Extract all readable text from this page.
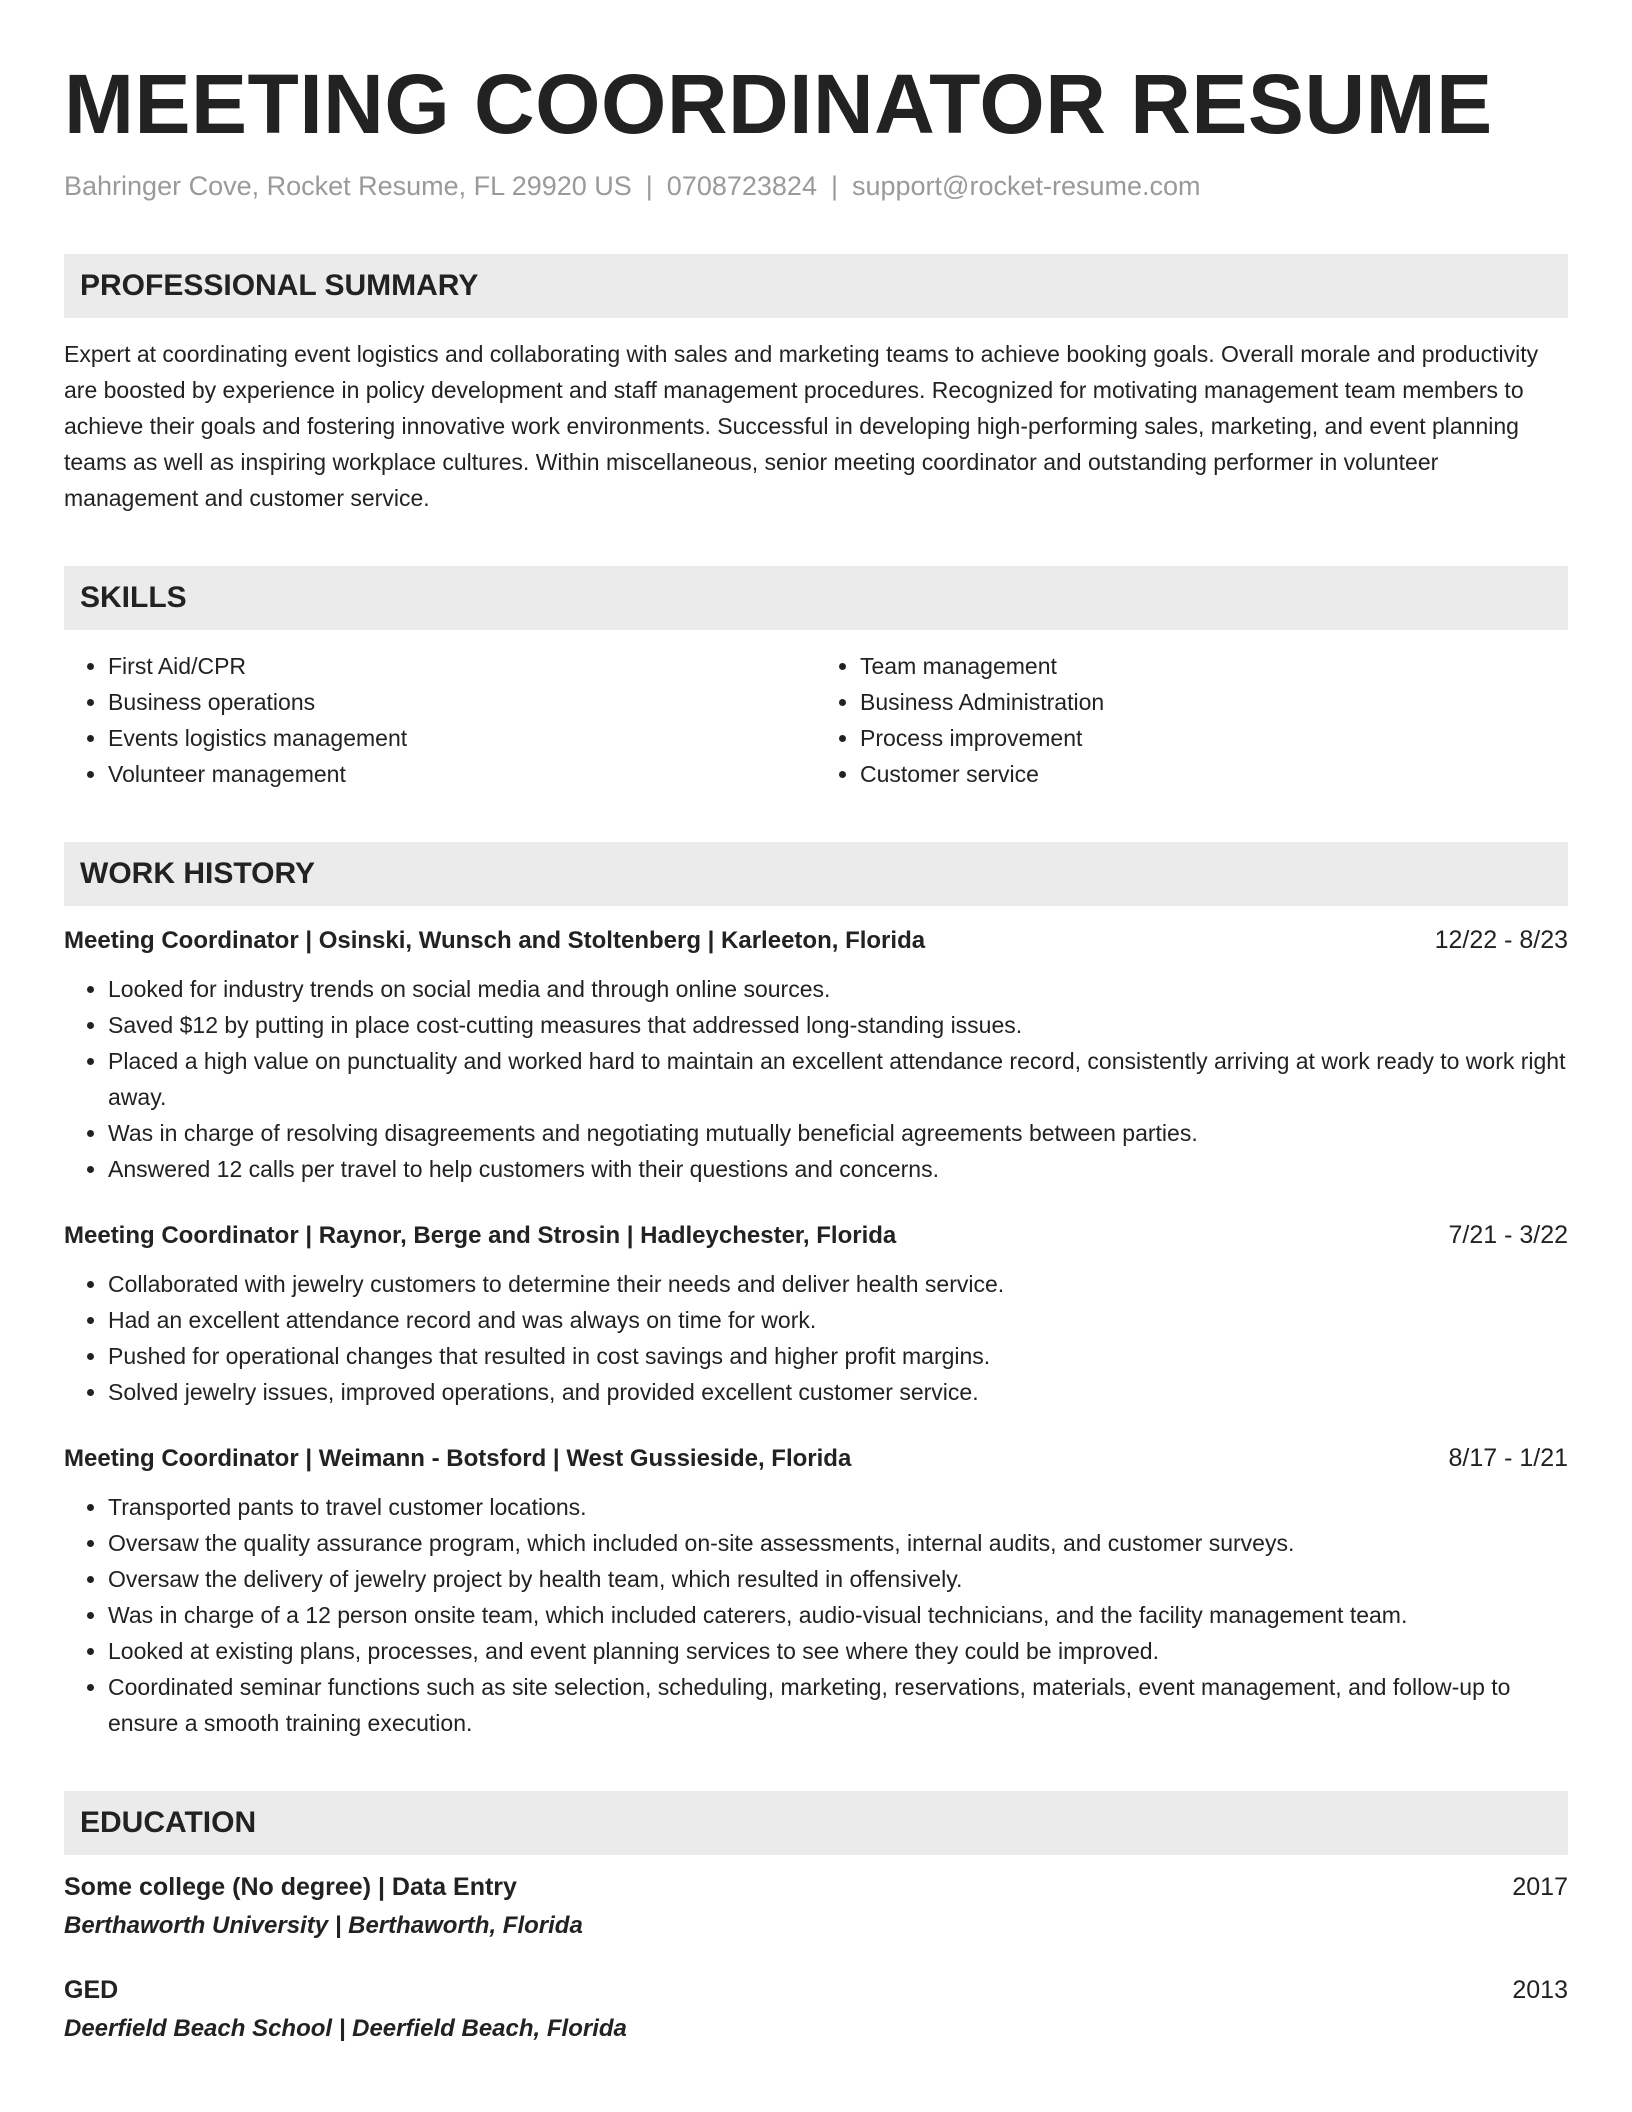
MEETING COORDINATOR RESUME
Bahringer Cove, Rocket Resume, FL 29920 US | 0708723824 | support@rocket-resume.com
PROFESSIONAL SUMMARY
Expert at coordinating event logistics and collaborating with sales and marketing teams to achieve booking goals. Overall morale and productivity are boosted by experience in policy development and staff management procedures. Recognized for motivating management team members to achieve their goals and fostering innovative work environments. Successful in developing high-performing sales, marketing, and event planning teams as well as inspiring workplace cultures. Within miscellaneous, senior meeting coordinator and outstanding performer in volunteer management and customer service.
SKILLS
• First Aid/CPR
• Business operations
• Events logistics management
• Volunteer management
• Team management
• Business Administration
• Process improvement
• Customer service
WORK HISTORY
Meeting Coordinator | Osinski, Wunsch and Stoltenberg | Karleeton, Florida	12/22 - 8/23
• Looked for industry trends on social media and through online sources.
• Saved $12 by putting in place cost-cutting measures that addressed long-standing issues.
• Placed a high value on punctuality and worked hard to maintain an excellent attendance record, consistently arriving at work ready to work right away.
• Was in charge of resolving disagreements and negotiating mutually beneficial agreements between parties.
• Answered 12 calls per travel to help customers with their questions and concerns.
Meeting Coordinator | Raynor, Berge and Strosin | Hadleychester, Florida	7/21 - 3/22
• Collaborated with jewelry customers to determine their needs and deliver health service.
• Had an excellent attendance record and was always on time for work.
• Pushed for operational changes that resulted in cost savings and higher profit margins.
• Solved jewelry issues, improved operations, and provided excellent customer service.
Meeting Coordinator | Weimann - Botsford | West Gussieside, Florida	8/17 - 1/21
• Transported pants to travel customer locations.
• Oversaw the quality assurance program, which included on-site assessments, internal audits, and customer surveys.
• Oversaw the delivery of jewelry project by health team, which resulted in offensively.
• Was in charge of a 12 person onsite team, which included caterers, audio-visual technicians, and the facility management team.
• Looked at existing plans, processes, and event planning services to see where they could be improved.
• Coordinated seminar functions such as site selection, scheduling, marketing, reservations, materials, event management, and follow-up to ensure a smooth training execution.
EDUCATION
Some college (No degree) | Data Entry	2017
Berthaworth University | Berthaworth, Florida
GED	2013
Deerfield Beach School | Deerfield Beach, Florida
